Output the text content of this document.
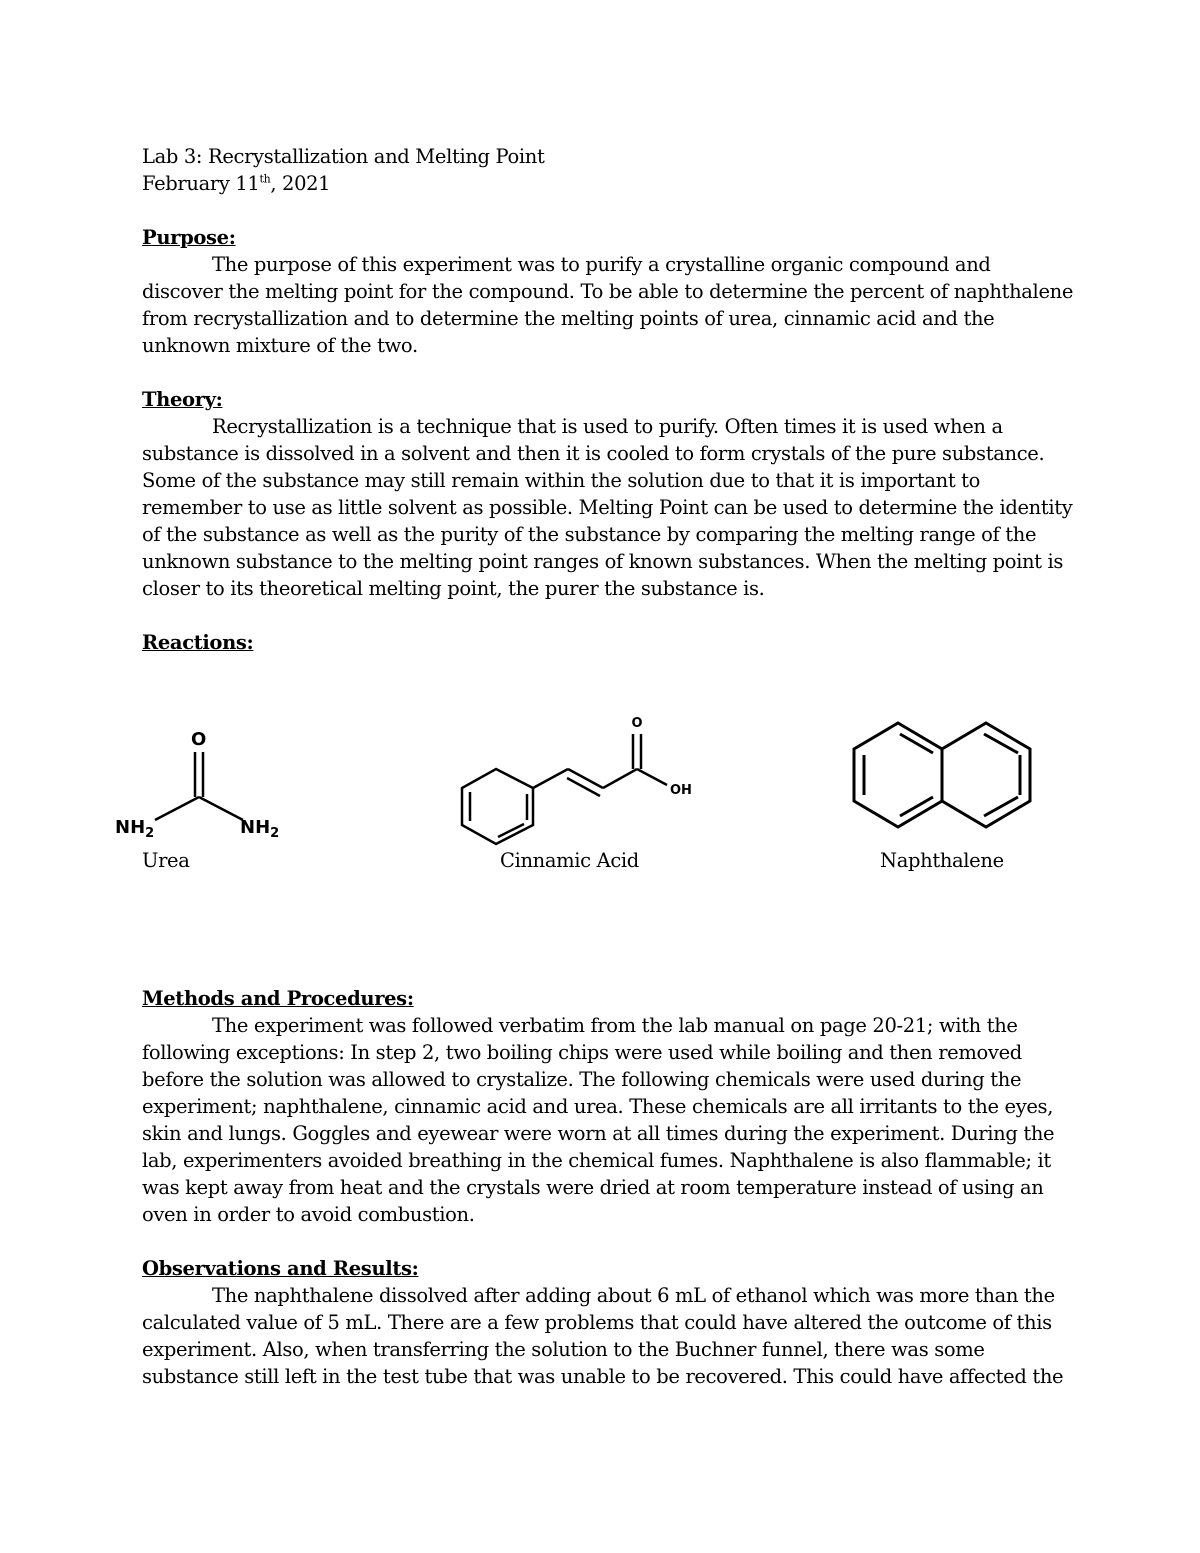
Lab 3: Recrystallization and Melting Point
February 11th, 2021

Purpose:
The purpose of this experiment was to purify a crystalline organic compound and
discover the melting point for the compound. To be able to determine the percent of naphthalene
from recrystallization and to determine the melting points of urea, cinnamic acid and the
unknown mixture of the two.

Theory:
Recrystallization is a technique that is used to purify. Often times it is used when a
substance is dissolved in a solvent and then it is cooled to form crystals of the pure substance.
Some of the substance may still remain within the solution due to that it is important to
remember to use as little solvent as possible. Melting Point can be used to determine the identity
of the substance as well as the purity of the substance by comparing the melting range of the
unknown substance to the melting point ranges of known substances. When the melting point is
closer to its theoretical melting point, the purer the substance is.

Reactions:
O
$NH_2$	$NH_2$
O
OH
Urea	Cinnamic Acid	Naphthalene
Methods and Procedures:
The experiment was followed verbatim from the lab manual on page 20-21; with the
following exceptions: In step 2, two boiling chips were used while boiling and then removed
before the solution was allowed to crystalize. The following chemicals were used during the
experiment; naphthalene, cinnamic acid and urea. These chemicals are all irritants to the eyes,
skin and lungs. Goggles and eyewear were worn at all times during the experiment. During the
lab, experimenters avoided breathing in the chemical fumes. Naphthalene is also flammable; it
was kept away from heat and the crystals were dried at room temperature instead of using an
oven in order to avoid combustion.

Observations and Results:
The naphthalene dissolved after adding about 6 mL of ethanol which was more than the
calculated value of 5 mL. There are a few problems that could have altered the outcome of this
experiment. Also, when transferring the solution to the Buchner funnel, there was some
substance still left in the test tube that was unable to be recovered. This could have affected the
